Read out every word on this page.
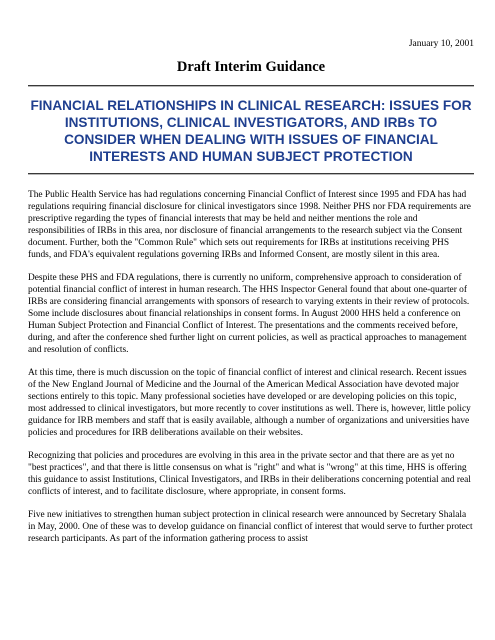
January 10, 2001
Draft Interim Guidance
FINANCIAL RELATIONSHIPS IN CLINICAL RESEARCH: ISSUES FOR INSTITUTIONS, CLINICAL INVESTIGATORS, AND IRBs TO CONSIDER WHEN DEALING WITH ISSUES OF FINANCIAL INTERESTS AND HUMAN SUBJECT PROTECTION

The Public Health Service has had regulations concerning Financial Conflict of Interest since 1995 and FDA has had regulations requiring financial disclosure for clinical investigators since 1998. Neither PHS nor FDA requirements are prescriptive regarding the types of financial interests that may be held and neither mentions the role and responsibilities of IRBs in this area, nor disclosure of financial arrangements to the research subject via the Consent document. Further, both the "Common Rule" which sets out requirements for IRBs at institutions receiving PHS funds, and FDA's equivalent regulations governing IRBs and Informed Consent, are mostly silent in this area.

Despite these PHS and FDA regulations, there is currently no uniform, comprehensive approach to consideration of potential financial conflict of interest in human research. The HHS Inspector General found that about one-quarter of IRBs are considering financial arrangements with sponsors of research to varying extents in their review of protocols. Some include disclosures about financial relationships in consent forms. In August 2000 HHS held a conference on Human Subject Protection and Financial Conflict of Interest. The presentations and the comments received before, during, and after the conference shed further light on current policies, as well as practical approaches to management and resolution of conflicts.

At this time, there is much discussion on the topic of financial conflict of interest and clinical research. Recent issues of the New England Journal of Medicine and the Journal of the American Medical Association have devoted major sections entirely to this topic. Many professional societies have developed or are developing policies on this topic, most addressed to clinical investigators, but more recently to cover institutions as well. There is, however, little policy guidance for IRB members and staff that is easily available, although a number of organizations and universities have policies and procedures for IRB deliberations available on their websites.

Recognizing that policies and procedures are evolving in this area in the private sector and that there are as yet no "best practices", and that there is little consensus on what is "right" and what is "wrong" at this time, HHS is offering this guidance to assist Institutions, Clinical Investigators, and IRBs in their deliberations concerning potential and real conflicts of interest, and to facilitate disclosure, where appropriate, in consent forms.

Five new initiatives to strengthen human subject protection in clinical research were announced by Secretary Shalala in May, 2000. One of these was to develop guidance on financial conflict of interest that would serve to further protect research participants. As part of the information gathering process to assist
